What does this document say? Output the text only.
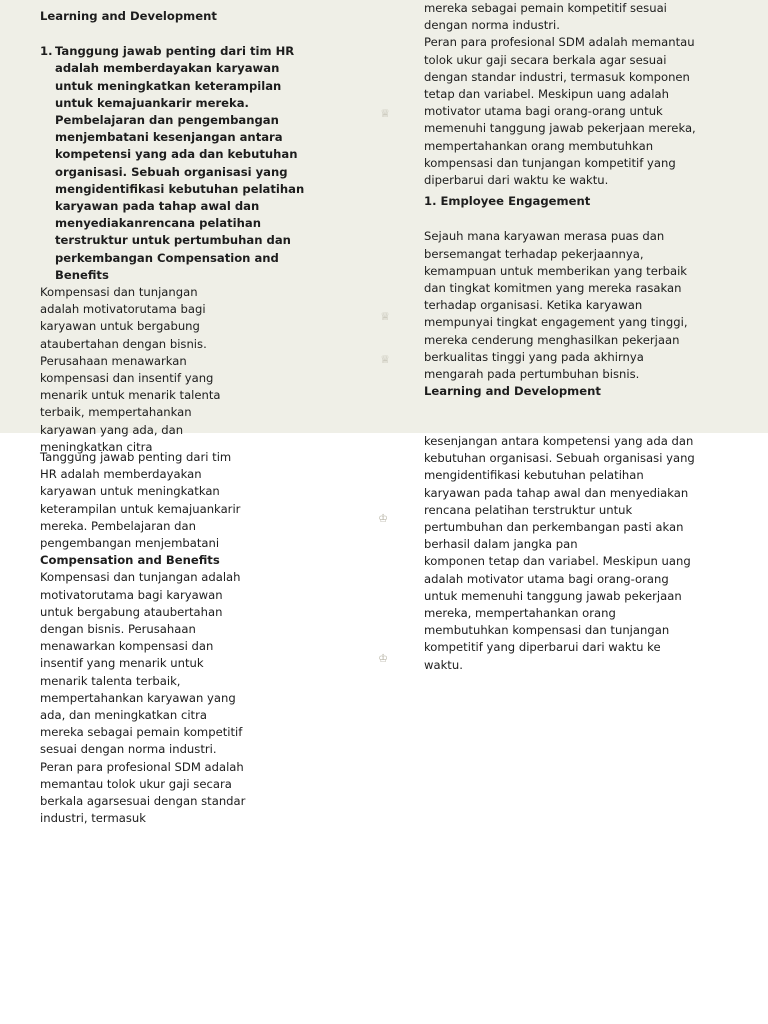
Learning and Development

1. Tanggung jawab penting dari tim HR adalah memberdayakan karyawan untuk meningkatkan keterampilan untuk kemajuankarir mereka. Pembelajaran dan pengembangan menjembatani kesenjangan antara kompetensi yang ada dan kebutuhan organisasi. Sebuah organisasi yang mengidentifikasi kebutuhan pelatihan karyawan pada tahap awal dan menyediakanrencana pelatihan terstruktur untuk pertumbuhan dan perkembangan Compensation and Benefits

Kompensasi dan tunjangan adalah motivatorutama bagi karyawan untuk bergabung ataubertahan dengan bisnis. Perusahaan menawarkan kompensasi dan insentif yang menarik untuk menarik talenta terbaik, mempertahankan karyawan yang ada, dan meningkatkan citra

mereka sebagai pemain kompetitif sesuai dengan norma industri.

Peran para profesional SDM adalah memantau tolok ukur gaji secara berkala agar sesuai dengan standar industri, termasuk komponen tetap dan variabel. Meskipun uang adalah motivator utama bagi orang-orang untuk memenuhi tanggung jawab pekerjaan mereka, mempertahankan orang membutuhkan kompensasi dan tunjangan kompetitif yang diperbarui dari waktu ke waktu.

1. Employee Engagement

Sejauh mana karyawan merasa puas dan bersemangat terhadap pekerjaannya, kemampuan untuk memberikan yang terbaik dan tingkat komitmen yang mereka rasakan terhadap organisasi. Ketika karyawan mempunyai tingkat engagement yang tinggi, mereka cenderung menghasilkan pekerjaan berkualitas tinggi yang pada akhirnya mengarah pada pertumbuhan bisnis.

Learning and Development

Tanggung jawab penting dari tim HR adalah memberdayakan karyawan untuk meningkatkan keterampilan untuk kemajuankarir mereka. Pembelajaran dan pengembangan menjembatani

Compensation and Benefits

Kompensasi dan tunjangan adalah motivatorutama bagi karyawan untuk bergabung ataubertahan dengan bisnis. Perusahaan menawarkan kompensasi dan insentif yang menarik untuk menarik talenta terbaik, mempertahankan karyawan yang ada, dan meningkatkan citra mereka sebagai pemain kompetitif sesuai dengan norma industri.

Peran para profesional SDM adalah memantau tolok ukur gaji secara berkala agarsesuai dengan standar industri, termasuk

kesenjangan antara kompetensi yang ada dan kebutuhan organisasi. Sebuah organisasi yang mengidentifikasi kebutuhan pelatihan karyawan pada tahap awal dan menyediakan rencana pelatihan terstruktur untuk pertumbuhan dan perkembangan pasti akan berhasil dalam jangka pan

komponen tetap dan variabel. Meskipun uang adalah motivator utama bagi orang-orang untuk memenuhi tanggung jawab pekerjaan mereka, mempertahankan orang membutuhkan kompensasi dan tunjangan kompetitif yang diperbarui dari waktu ke waktu.

♕
♕
♕
♔
♔
